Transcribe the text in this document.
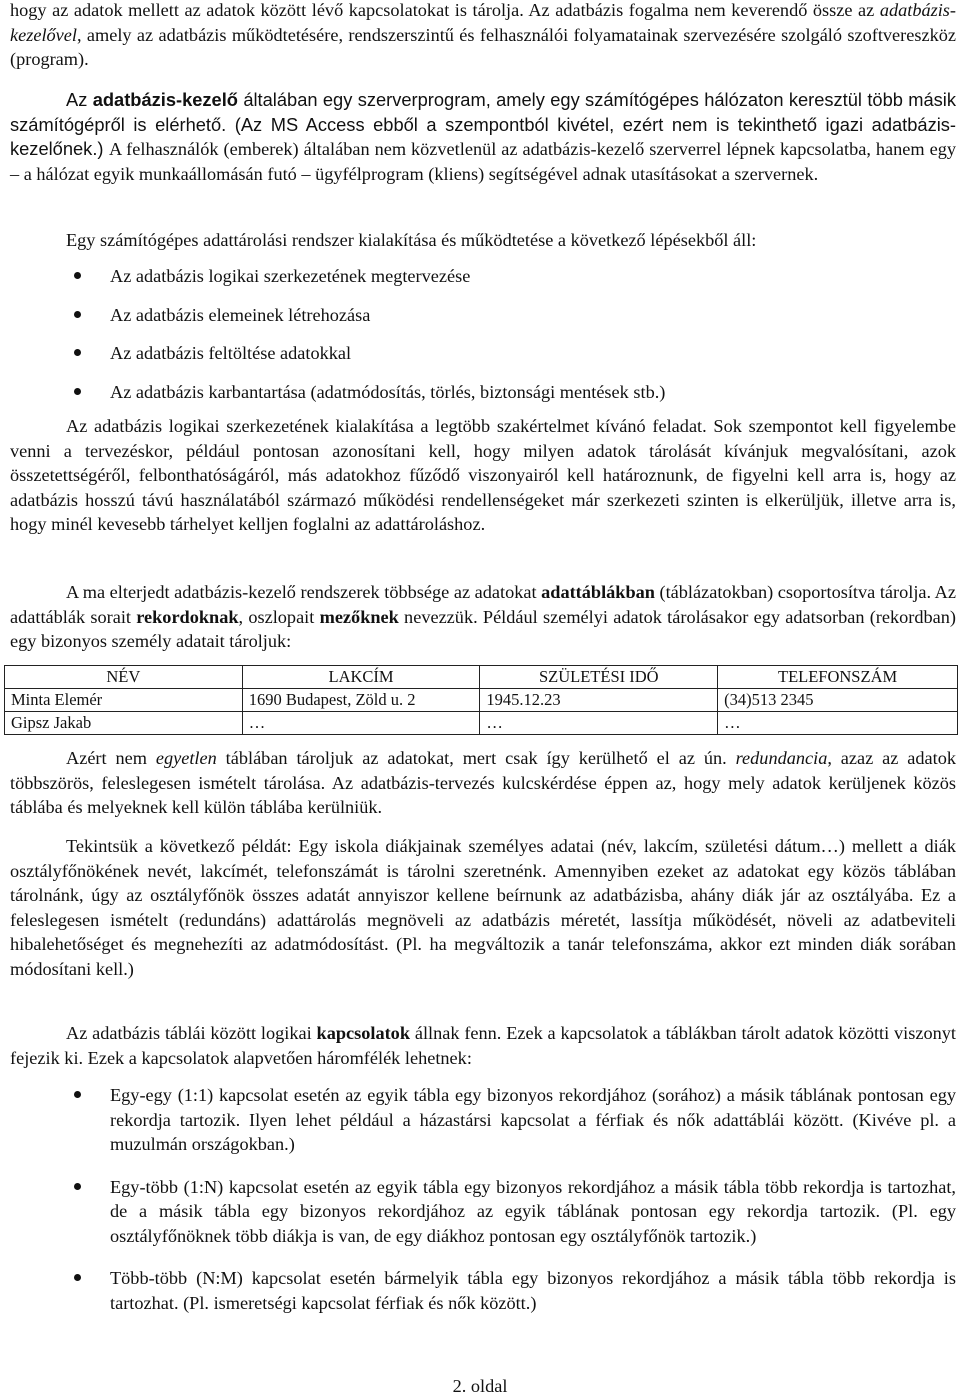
hogy az adatok mellett az adatok között lévő kapcsolatokat is tárolja. Az adatbázis fogalma nem keverendő össze az adatbázis-kezelővel, amely az adatbázis működtetésére, rendszerszintű és felhasználói folyamatainak szervezésére szolgáló szoftvereszköz (program).

Az adatbázis-kezelő általában egy szerverprogram, amely egy számítógépes hálózaton keresztül több másik számítógépről is elérhető. (Az MS Access ebből a szempontból kivétel, ezért nem is tekinthető igazi adatbázis-kezelőnek.) A felhasználók (emberek) általában nem közvetlenül az adatbázis-kezelő szerverrel lépnek kapcsolatba, hanem egy – a hálózat egyik munkaállomásán futó – ügyfélprogram (kliens) segítségével adnak utasításokat a szervernek.

Egy számítógépes adattárolási rendszer kialakítása és működtetése a következő lépésekből áll:

Az adatbázis logikai szerkezetének megtervezése
Az adatbázis elemeinek létrehozása
Az adatbázis feltöltése adatokkal
Az adatbázis karbantartása (adatmódosítás, törlés, biztonsági mentések stb.)

Az adatbázis logikai szerkezetének kialakítása a legtöbb szakértelmet kívánó feladat. Sok szempontot kell figyelembe venni a tervezéskor, például pontosan azonosítani kell, hogy milyen adatok tárolását kívánjuk megvalósítani, azok összetettségéről, felbonthatóságáról, más adatokhoz fűződő viszonyairól kell határoznunk, de figyelni kell arra is, hogy az adatbázis hosszú távú használatából származó működési rendellenségeket már szerkezeti szinten is elkerüljük, illetve arra is, hogy minél kevesebb tárhelyet kelljen foglalni az adattároláshoz.

A ma elterjedt adatbázis-kezelő rendszerek többsége az adatokat adattáblákban (táblázatokban) csoportosítva tárolja. Az adattáblák sorait rekordoknak, oszlopait mezőknek nevezzük. Például személyi adatok tárolásakor egy adatsorban (rekordban) egy bizonyos személy adatait tároljuk:

NÉV	LAKCÍM	SZÜLETÉSI IDŐ	TELEFONSZÁM
Minta Elemér	1690 Budapest, Zöld u. 2	1945.12.23	(34)513 2345
Gipsz Jakab	…	…	…

Azért nem egyetlen táblában tároljuk az adatokat, mert csak így kerülhető el az ún. redundancia, azaz az adatok többszörös, feleslegesen ismételt tárolása. Az adatbázis-tervezés kulcskérdése éppen az, hogy mely adatok kerüljenek közös táblába és melyeknek kell külön táblába kerülniük.

Tekintsük a következő példát: Egy iskola diákjainak személyes adatai (név, lakcím, születési dátum…) mellett a diák osztályfőnökének nevét, lakcímét, telefonszámát is tárolni szeretnénk. Amennyiben ezeket az adatokat egy közös táblában tárolnánk, úgy az osztályfőnök összes adatát annyiszor kellene beírnunk az adatbázisba, ahány diák jár az osztályába. Ez a feleslegesen ismételt (redundáns) adattárolás megnöveli az adatbázis méretét, lassítja működését, növeli az adatbeviteli hibalehetőséget és megnehezíti az adatmódosítást. (Pl. ha megváltozik a tanár telefonszáma, akkor ezt minden diák sorában módosítani kell.)

Az adatbázis táblái között logikai kapcsolatok állnak fenn. Ezek a kapcsolatok a táblákban tárolt adatok közötti viszonyt fejezik ki. Ezek a kapcsolatok alapvetően háromfélék lehetnek:

Egy-egy (1:1) kapcsolat esetén az egyik tábla egy bizonyos rekordjához (sorához) a másik táblának pontosan egy rekordja tartozik. Ilyen lehet például a házastársi kapcsolat a férfiak és nők adattáblái között. (Kivéve pl. a muzulmán országokban.)
Egy-több (1:N) kapcsolat esetén az egyik tábla egy bizonyos rekordjához a másik tábla több rekordja is tartozhat, de a másik tábla egy bizonyos rekordjához az egyik táblának pontosan egy rekordja tartozik. (Pl. egy osztályfőnöknek több diákja is van, de egy diákhoz pontosan egy osztályfőnök tartozik.)
Több-több (N:M) kapcsolat esetén bármelyik tábla egy bizonyos rekordjához a másik tábla több rekordja is tartozhat. (Pl. ismeretségi kapcsolat férfiak és nők között.)
2. oldal
